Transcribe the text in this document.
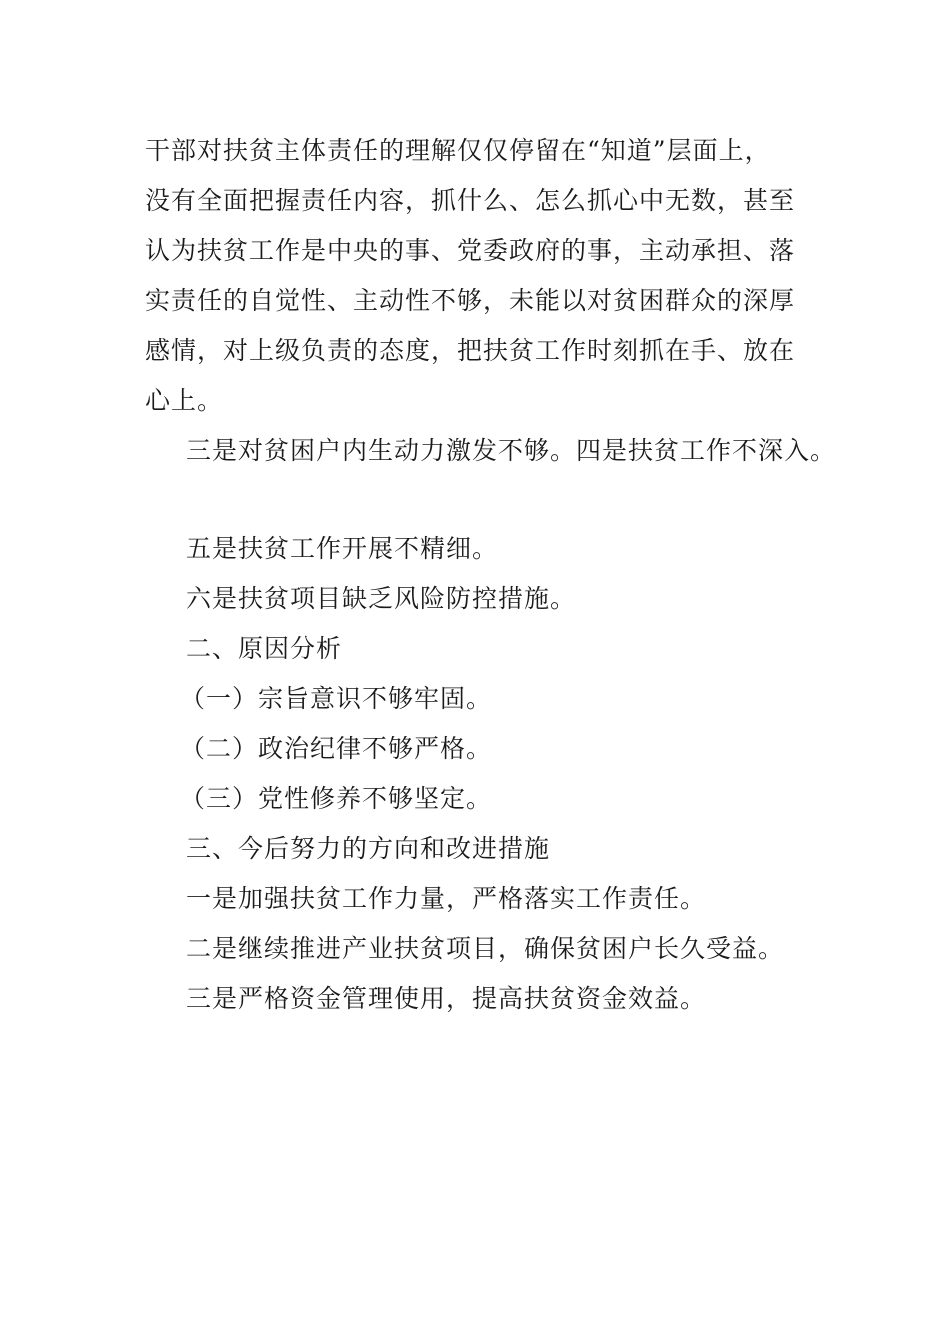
干部对扶贫主体责任的理解仅仅停留在“知道”层面上，
没有全面把握责任内容，抓什么、怎么抓心中无数，甚至
认为扶贫工作是中央的事、党委政府的事，主动承担、落
实责任的自觉性、主动性不够，未能以对贫困群众的深厚
感情，对上级负责的态度，把扶贫工作时刻抓在手、放在
心上。
三是对贫困户内生动力激发不够。四是扶贫工作不深入。
五是扶贫工作开展不精细。
六是扶贫项目缺乏风险防控措施。
二、原因分析
（一）宗旨意识不够牢固。
（二）政治纪律不够严格。
（三）党性修养不够坚定。
三、今后努力的方向和改进措施
一是加强扶贫工作力量，严格落实工作责任。
二是继续推进产业扶贫项目，确保贫困户长久受益。
三是严格资金管理使用，提高扶贫资金效益。
